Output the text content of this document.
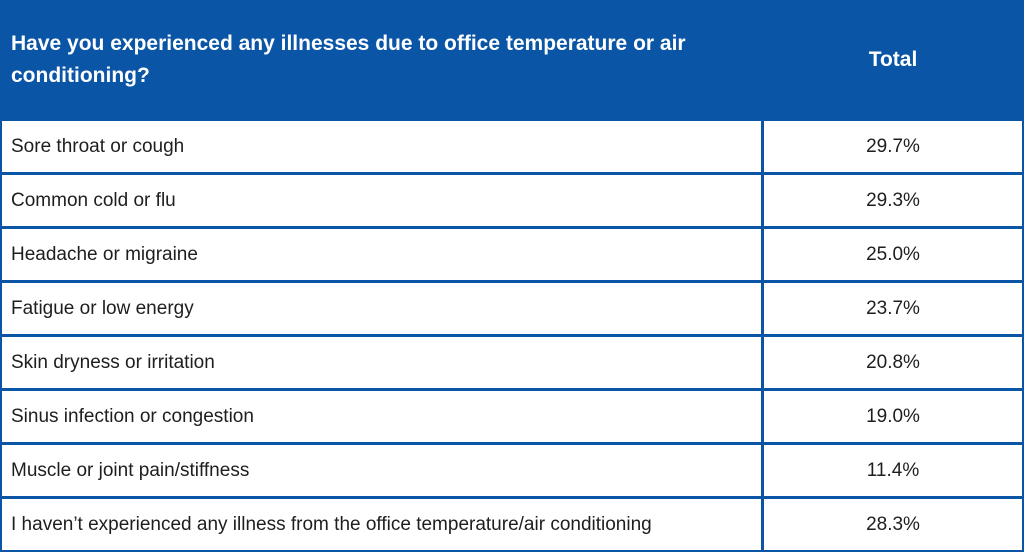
Have you experienced any illnesses due to office temperature or air conditioning?	Total
Sore throat or cough	29.7%
Common cold or flu	29.3%
Headache or migraine	25.0%
Fatigue or low energy	23.7%
Skin dryness or irritation	20.8%
Sinus infection or congestion	19.0%
Muscle or joint pain/stiffness	11.4%
I haven’t experienced any illness from the office temperature/air conditioning	28.3%
